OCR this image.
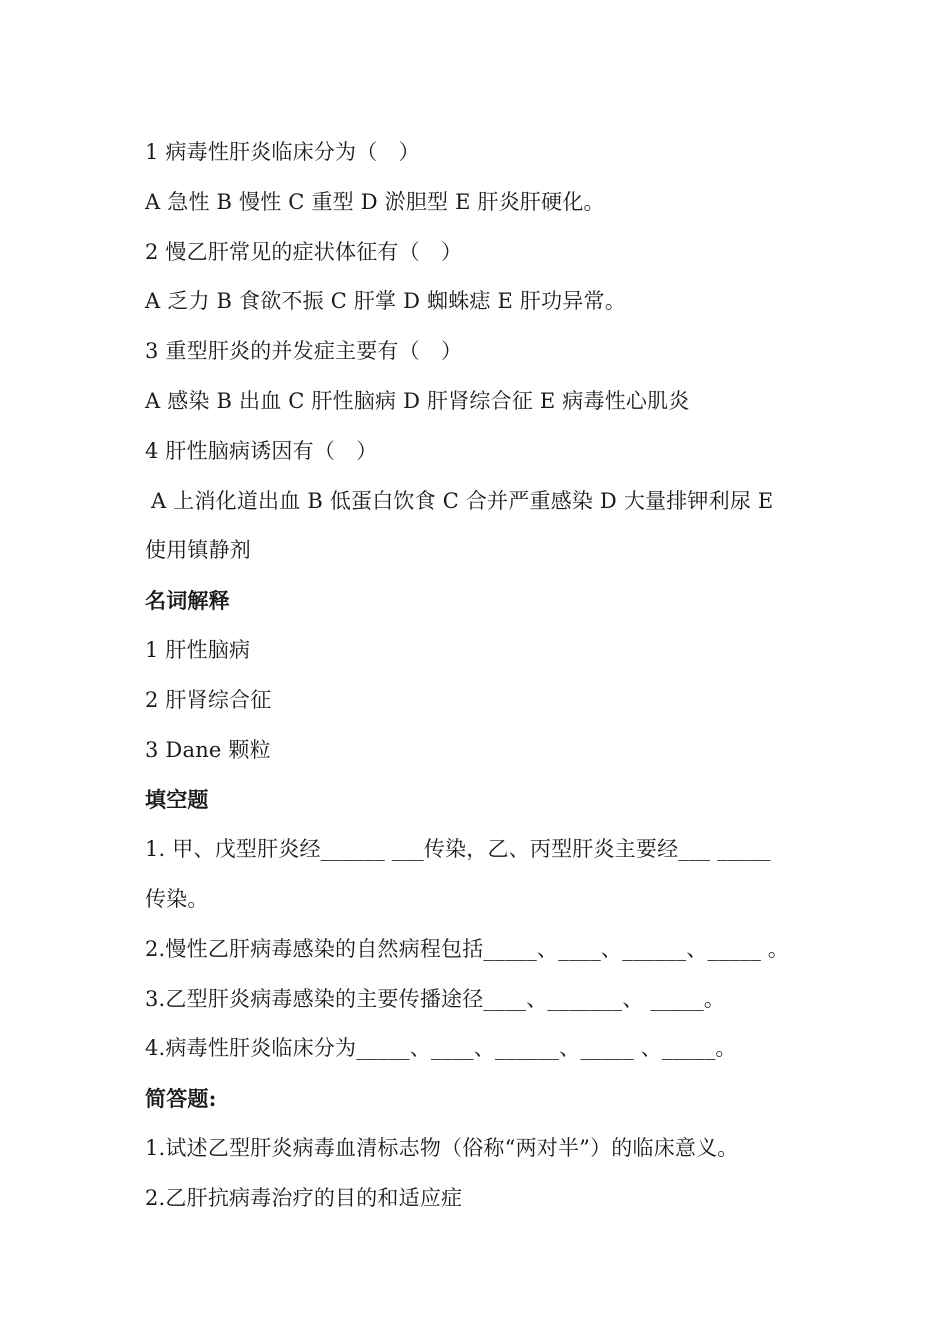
1 病毒性肝炎临床分为（　）
A 急性 B 慢性 C 重型 D 淤胆型 E 肝炎肝硬化。
2 慢乙肝常见的症状体征有（　）
A 乏力 B 食欲不振 C 肝掌 D 蜘蛛痣 E 肝功异常。
3 重型肝炎的并发症主要有（　）
A 感染 B 出血 C 肝性脑病 D 肝肾综合征 E 病毒性心肌炎
4 肝性脑病诱因有（　）
A 上消化道出血 B 低蛋白饮食 C 合并严重感染 D 大量排钾利尿 E
使用镇静剂
名词解释
1 肝性脑病
2 肝肾综合征
3 Dane 颗粒
填空题
1. 甲、戊型肝炎经______ ___传染，乙、丙型肝炎主要经___ _____
传染。
2.慢性乙肝病毒感染的自然病程包括_____、____、______、_____ 。
3.乙型肝炎病毒感染的主要传播途径____、_______、 _____。
4.病毒性肝炎临床分为_____、____、______、_____ 、_____。
简答题:
1.试述乙型肝炎病毒血清标志物（俗称“两对半”）的临床意义。
2.乙肝抗病毒治疗的目的和适应症
